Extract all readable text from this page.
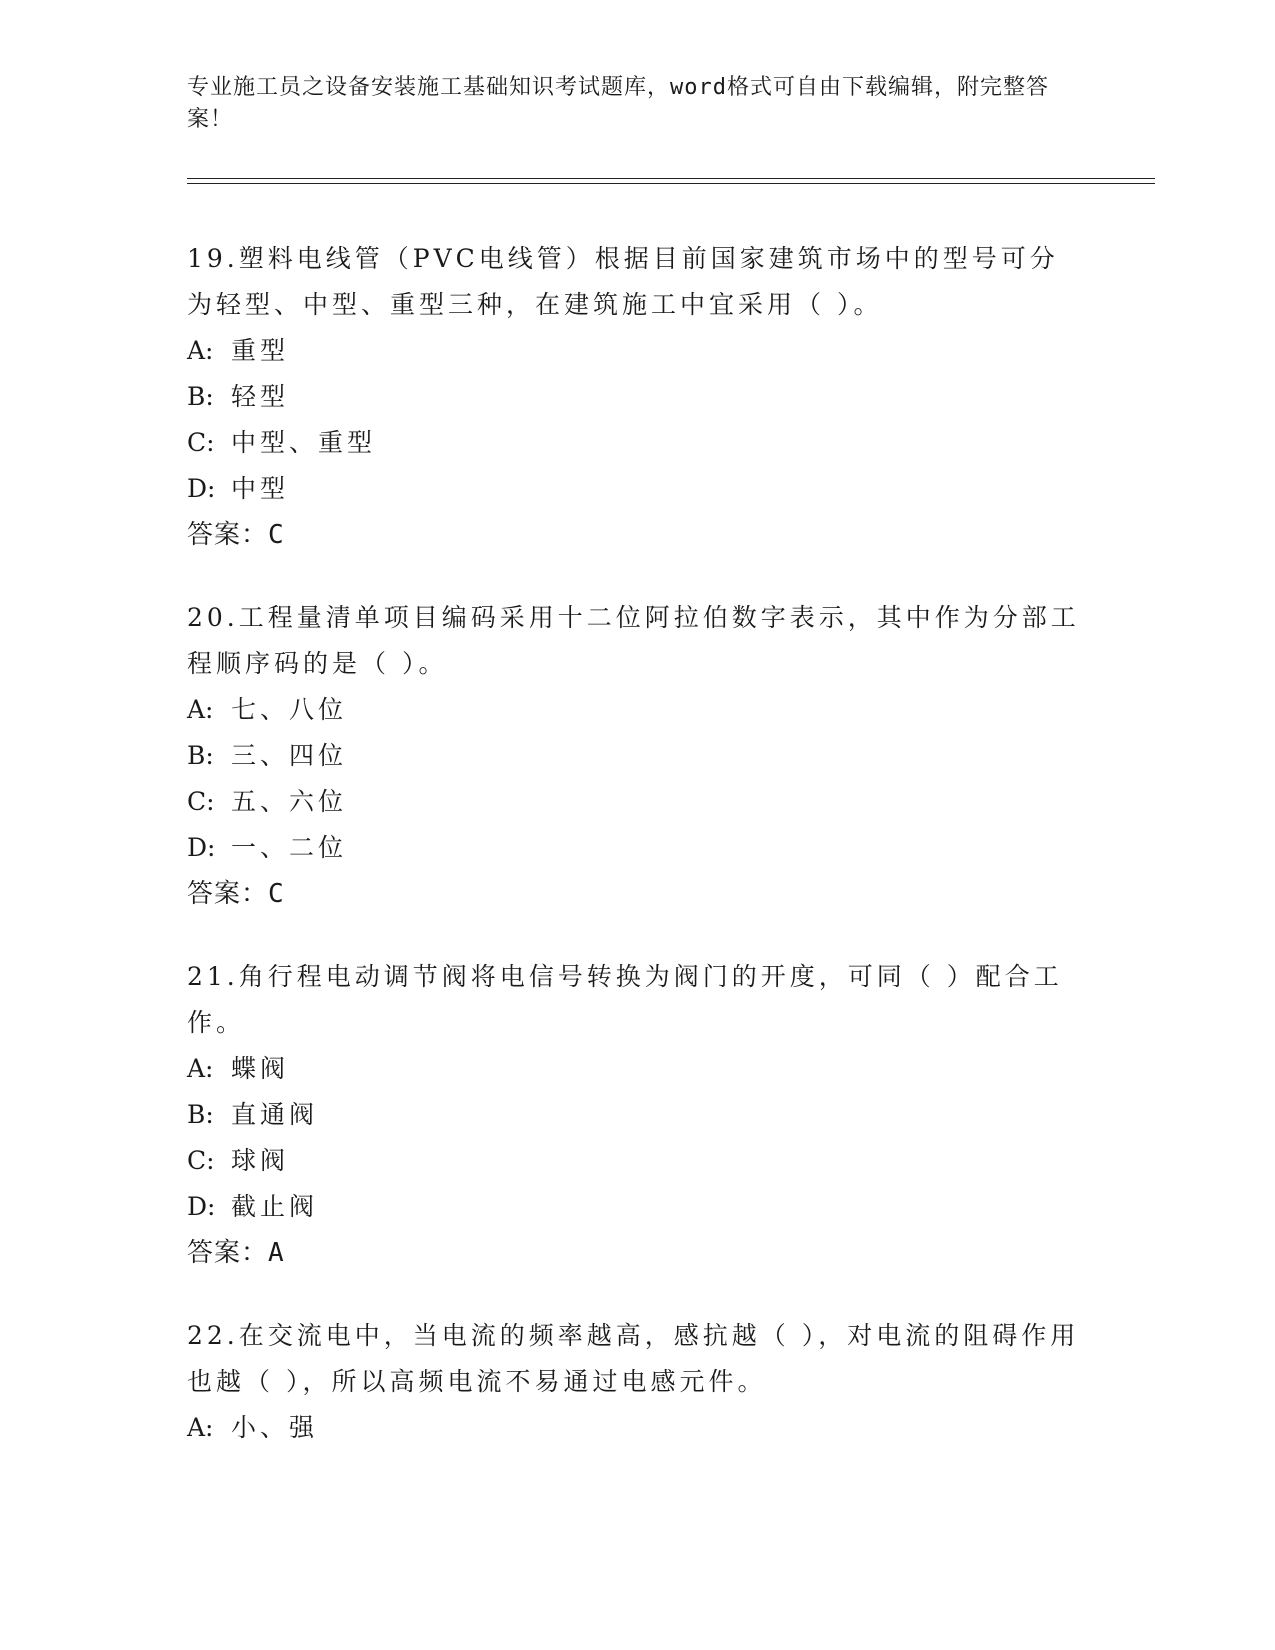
专业施工员之设备安装施工基础知识考试题库，word格式可自由下载编辑，附完整答案！

19.塑料电线管（PVC电线管）根据目前国家建筑市场中的型号可分为轻型、中型、重型三种，在建筑施工中宜采用（ ）。

A: 重型

B: 轻型

C: 中型、重型

D: 中型

答案：C

20.工程量清单项目编码采用十二位阿拉伯数字表示，其中作为分部工程顺序码的是（ ）。

A: 七、八位

B: 三、四位

C: 五、六位

D: 一、二位

答案：C

21.角行程电动调节阀将电信号转换为阀门的开度，可同（ ）配合工作。

A: 蝶阀

B: 直通阀

C: 球阀

D: 截止阀

答案：A

22.在交流电中，当电流的频率越高，感抗越（ ），对电流的阻碍作用也越（ ），所以高频电流不易通过电感元件。

A: 小、强
